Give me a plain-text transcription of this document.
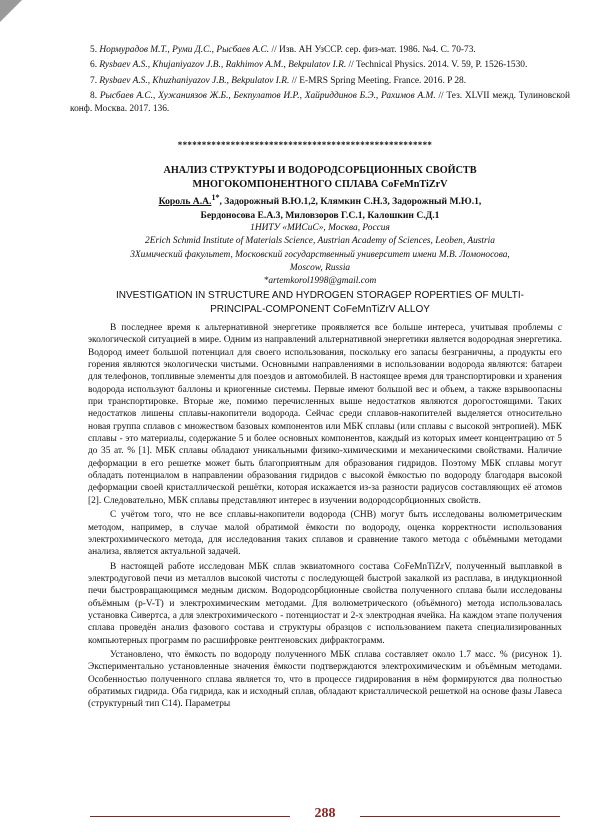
5. Нормурадов М.Т., Руми Д.С., Рысбаев А.С. // Изв. АН УзССР. сер. физ-мат. 1986. №4. С. 70-73.

6. Rysbaev A.S., Khujaniyazov J.B., Rakhimov A.M., Bekpulatov I.R. // Technical Physics. 2014. V. 59, P. 1526-1530.

7. Rysbaev A.S., Khuzhaniyazov J.B., Bekpulatov I.R. // E-MRS Spring Meeting. France. 2016. P 28.

8. Рысбаев А.С., Хужаниязов Ж.Б., Бекпулатов И.Р., Хайриддинов Б.Э., Рахимов А.М. // Тез. XLVII межд. Тулиновской конф. Москва. 2017. 136.

*****************************************************
АНАЛИЗ СТРУКТУРЫ И ВОДОРОДСОРБЦИОННЫХ СВОЙСТВ
МНОГОКОМПОНЕНТНОГО СПЛАВА CoFeMnTiZrV
Король А.А.$^{1*}$, Задорожный В.Ю.1,2, Клямкин С.Н.3, Задорожный М.Ю.1,
Бердоносова Е.А.3, Миловзоров Г.С.1, Калошкин С.Д.1
1НИТУ «МИСиС», Москва, Россия
2Erich Schmid Institute of Materials Science, Austrian Academy of Sciences, Leoben, Austria
3Химический факультет, Московский государственный университет имени М.В. Ломоносова,
Moscow, Russia
*artemkorol1998@gmail.com
INVESTIGATION IN STRUCTURE AND HYDROGEN STORAGEP ROPERTIES OF MULTI-
PRINCIPAL-COMPONENT CoFeMnTiZrV ALLOY

В последнее время к альтернативной энергетике проявляется все больше интереса, учитывая проблемы с экологической ситуацией в мире. Одним из направлений альтернативной энергетики является водородная энергетика. Водород имеет большой потенциал для своего использования, поскольку его запасы безграничны, а продукты его горения являются экологически чистыми. Основными направлениями в использовании водорода являются: батареи для телефонов, топливные элементы для поездов и автомобилей. В настоящее время для транспортировки и хранения водорода используют баллоны и криогенные системы. Первые имеют большой вес и объем, а также взрывоопасны при транспортировке. Вторые же, помимо перечисленных выше недостатков являются дорогостоящими. Таких недостатков лишены сплавы-накопители водорода. Сейчас среди сплавов-накопителей выделяется относительно новая группа сплавов с множеством базовых компонентов или МБК сплавы (или сплавы с высокой энтропией). МБК сплавы - это материалы, содержание 5 и более основных компонентов, каждый из которых имеет концентрацию от 5 до 35 ат. % [1]. МБК сплавы обладают уникальными физико-химическими и механическими свойствами. Наличие деформации в его решетке может быть благоприятным для образования гидридов. Поэтому МБК сплавы могут обладать потенциалом в направлении образования гидридов с высокой ёмкостью по водороду благодаря высокой деформации своей кристаллической решётки, которая искажается из-за разности радиусов составляющих её атомов [2]. Следовательно, МБК сплавы представляют интерес в изучении водородсорбционных свойств.

С учётом того, что не все сплавы-накопители водорода (СНВ) могут быть исследованы волюметрическим методом, например, в случае малой обратимой ёмкости по водороду, оценка корректности использования электрохимического метода, для исследования таких сплавов и сравнение такого метода с объёмными методами анализа, является актуальной задачей.

В настоящей работе исследован МБК сплав эквиатомного состава CoFeMnTiZrV, полученный выплавкой в электродуговой печи из металлов высокой чистоты с последующей быстрой закалкой из расплава, в индукционной печи быстровращающимся медным диском. Водородсорбционные свойства полученного сплава были исследованы объёмным (p-V-T) и электрохимическим методами. Для волюметрического (объёмного) метода использовалась установка Сивертса, а для электрохимического - потенциостат и 2-х электродная ячейка. На каждом этапе получения сплава проведён анализ фазового состава и структуры образцов с использованием пакета специализированных компьютерных программ по расшифровке рентгеновских дифрактограмм.

Установлено, что ёмкость по водороду полученного МБК сплава составляет около 1.7 масс. % (рисунок 1). Экспериментально установленные значения ёмкости подтверждаются электрохимическим и объёмным методами. Особенностью полученного сплава является то, что в процессе гидрирования в нём формируются два полностью обратимых гидрида. Оба гидрида, как и исходный сплав, обладают кристаллической решеткой на основе фазы Лавеса (структурный тип С14). Параметры

288
